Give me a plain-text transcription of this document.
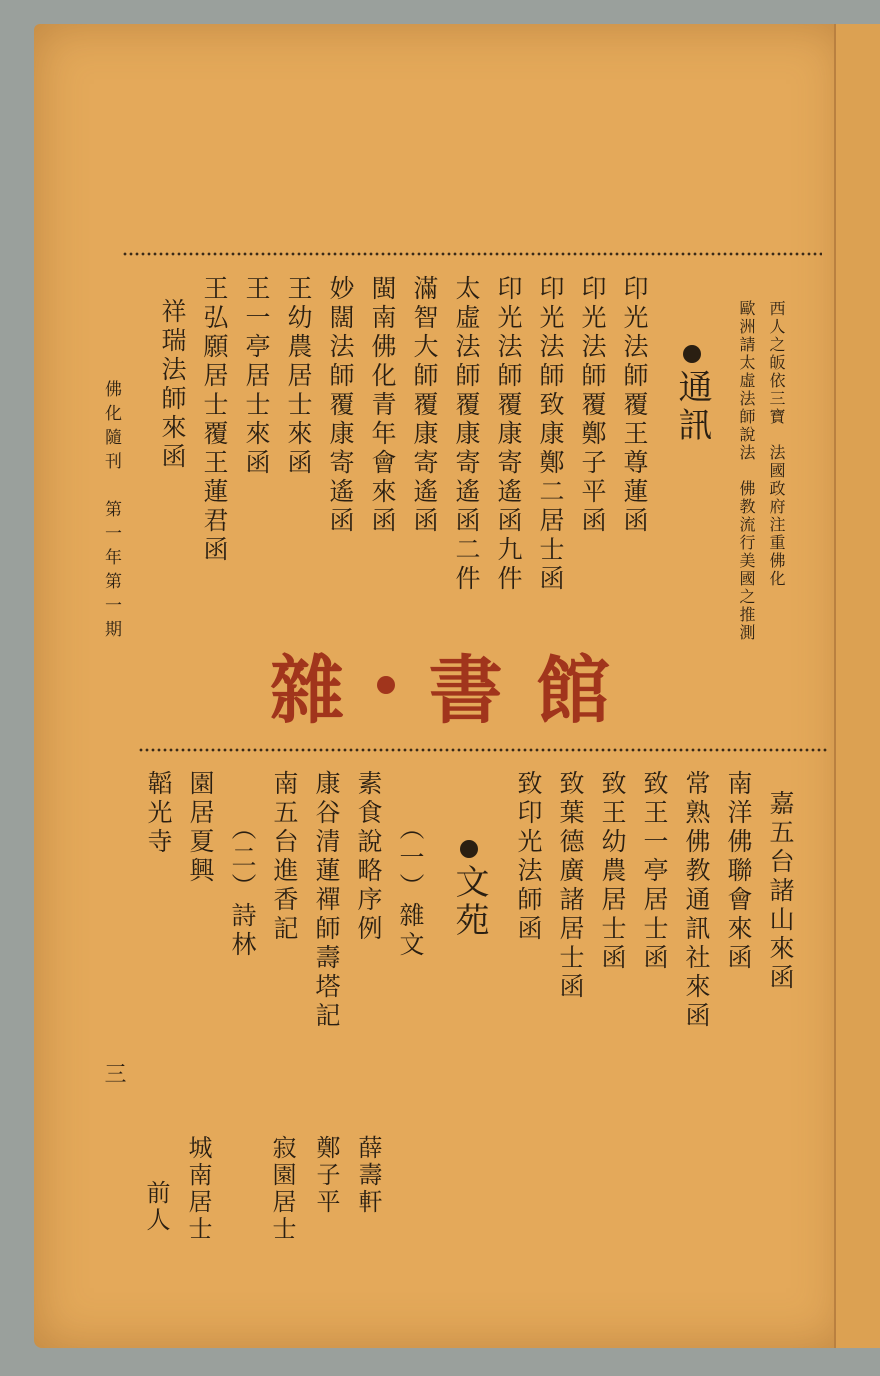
西人之皈依三寶　法國政府注重佛化
歐洲請太虛法師說法　佛教流行美國之推測
通訊
印光法師覆王尊蓮函
印光法師覆鄭子平函
印光法師致康鄭二居士函
印光法師覆康寄遙函九件
太虛法師覆康寄遙函二件
滿智大師覆康寄遙函
閩南佛化青年會來函
妙闊法師覆康寄遙函
王幼農居士來函
王一亭居士來函
王弘願居士覆王蓮君函
祥瑞法師來函
佛化隨刊　第一年第一期
三
雜 書 館
嘉五台諸山來函
南洋佛聯會來函
常熟佛教通訊社來函
致王一亭居士函
致王幼農居士函
致葉德廣諸居士函
致印光法師函
文苑
（一）雜文
素食說略序例
康谷清蓮禪師壽塔記
南五台進香記
（二）詩林
園居夏興
韜光寺
薛壽軒
鄭子平
寂園居士
城南居士
前人
